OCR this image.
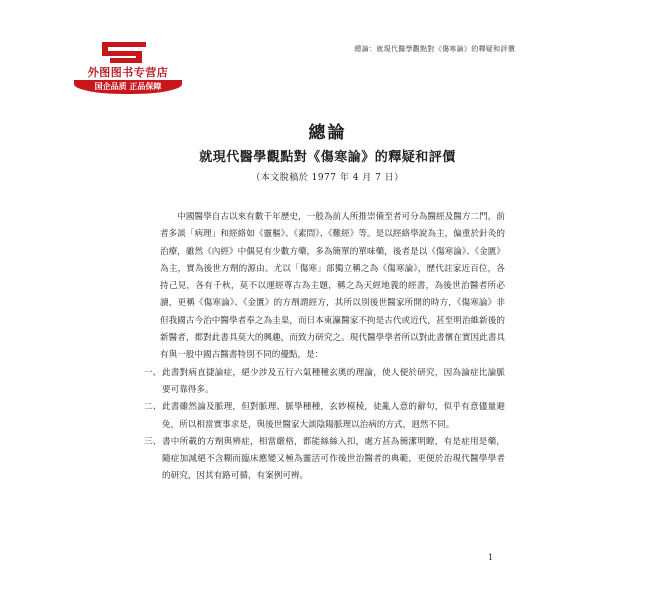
外图图书专营店
国企品质 正品保障
總論：就現代醫學觀點對《傷寒論》的釋疑和評價
總論
就現代醫學觀點對《傷寒論》的釋疑和評價
（本文脫稿於 1977 年 4 月 7 日）

中國醫學自古以來有數千年歷史，一般為前人所推崇備至者可分為醫經及醫方二門，前者多談「病理」和經絡如《靈樞》、《素問》、《難經》等。是以經絡學說為主，偏重於針灸的治療，雖然《內經》中偶見有少數方藥，多為簡單的單味藥，後者是以《傷寒論》、《金匱》為主，實為後世方劑的源由。尤以「傷寒」部獨立稱之為《傷寒論》，歷代註家近百位，各持己見，各有千秋，莫不以運經尊古為主題，稱之為天經地義的經書，為後世治醫者所必讀，更稱《傷寒論》、《金匱》的方劑謂經方，其所以別後世醫家所開的時方，《傷寒論》非但我國古今治中醫學者奉之為圭臬，而日本東瀛醫家不拘是古代或近代，甚至明治維新後的新醫者，都對此書具莫大的興趣，而致力研究之。現代醫學學者所以對此書懷在實因此書具有與一般中國古醫書特別不同的優點，是：

一、 此書對病直捷論症，絕少涉及五行六氣種種玄奧的理論，使人便於研究，因為論症比論脈要可靠得多。
二、 此書雖然論及脈理，但對脈理、脈學種種，玄妙模稜，徒亂人意的辭句，似乎有意儘量避免，所以相當實事求是，與後世醫家大談陰陽脈理以治病的方式，迥然不同。
三、 書中所載的方劑與辨症，相當嚴格，都能絲絲入扣，處方甚為簡潔明瞭，有是症用是藥，隨症加減絕不含糊而臨床應變又極為靈活可作後世治醫者的典範，更便於治現代醫學學者的研究，因其有路可循，有案例可辨。
1
